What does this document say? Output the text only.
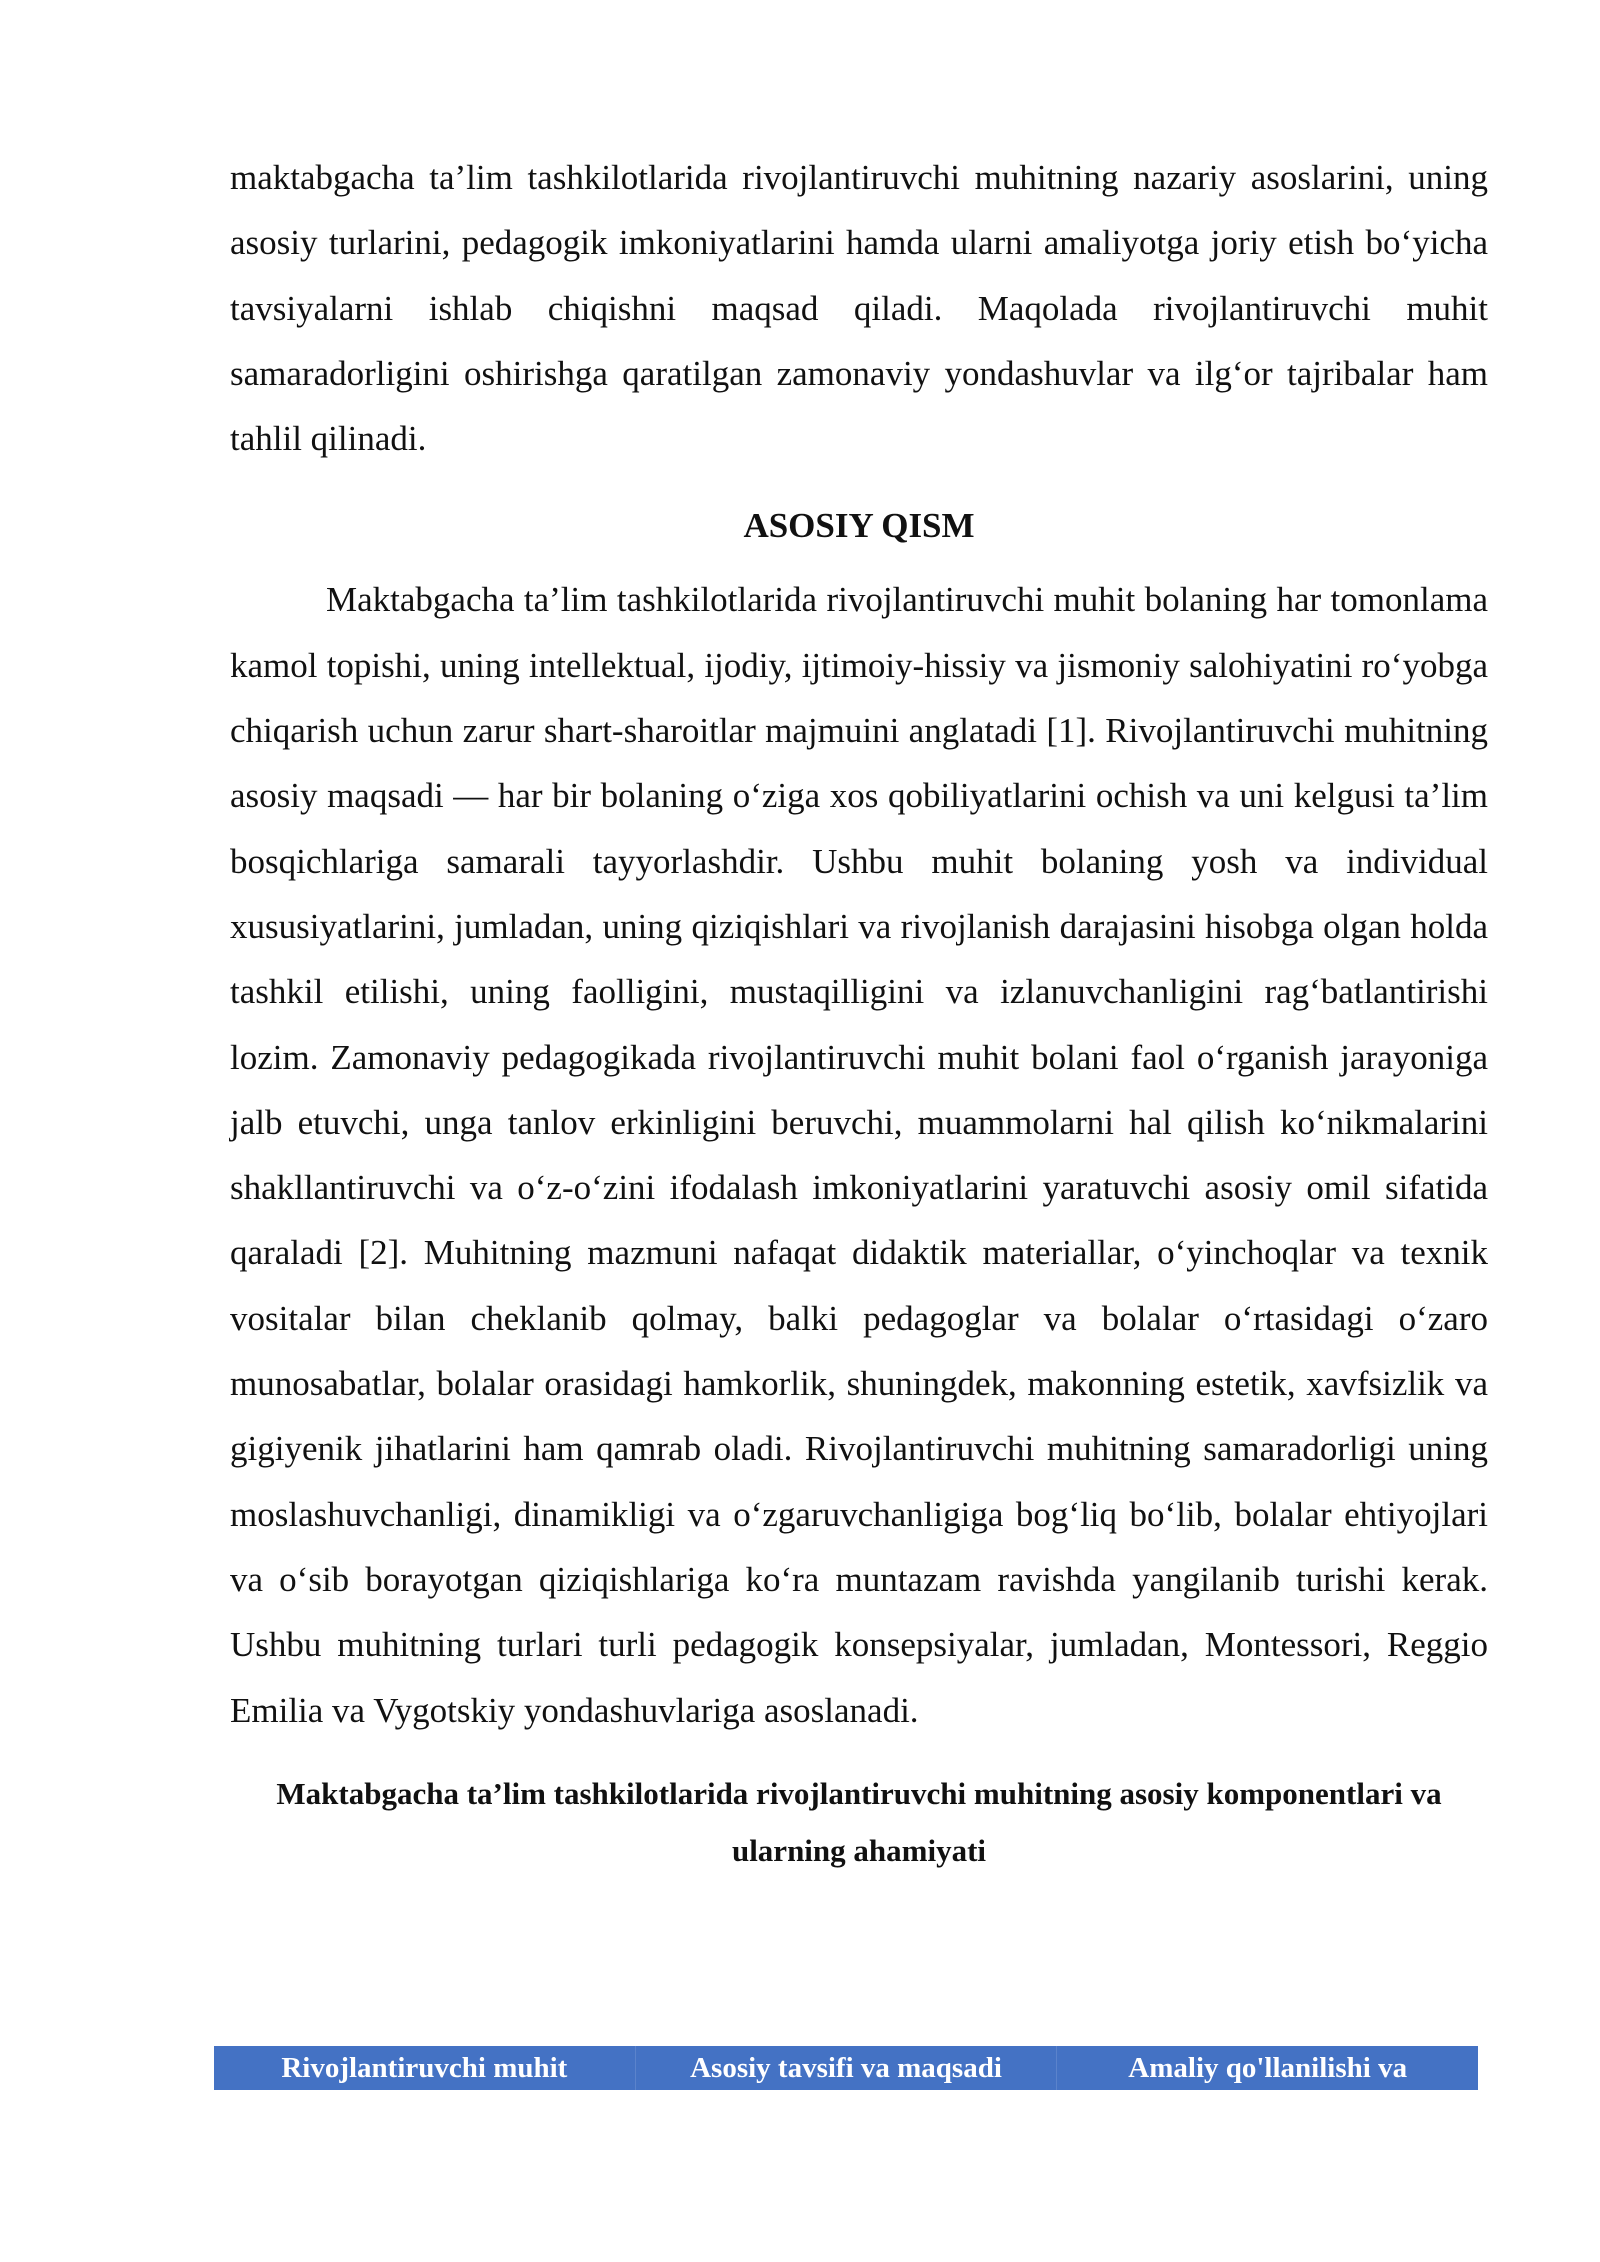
maktabgacha ta’lim tashkilotlarida rivojlantiruvchi muhitning nazariy asoslarini, uning asosiy turlarini, pedagogik imkoniyatlarini hamda ularni amaliyotga joriy etish bo‘yicha tavsiyalarni ishlab chiqishni maqsad qiladi. Maqolada rivojlantiruvchi muhit samaradorligini oshirishga qaratilgan zamonaviy yondashuvlar va ilg‘or tajribalar ham tahlil qilinadi.

ASOSIY QISM

Maktabgacha ta’lim tashkilotlarida rivojlantiruvchi muhit bolaning har tomonlama kamol topishi, uning intellektual, ijodiy, ijtimoiy-hissiy va jismoniy salohiyatini ro‘yobga chiqarish uchun zarur shart-sharoitlar majmuini anglatadi [1]. Rivojlantiruvchi muhitning asosiy maqsadi — har bir bolaning o‘ziga xos qobiliyatlarini ochish va uni kelgusi ta’lim bosqichlariga samarali tayyorlashdir. Ushbu muhit bolaning yosh va individual xususiyatlarini, jumladan, uning qiziqishlari va rivojlanish darajasini hisobga olgan holda tashkil etilishi, uning faolligini, mustaqilligini va izlanuvchanligini rag‘batlantirishi lozim. Zamonaviy pedagogikada rivojlantiruvchi muhit bolani faol o‘rganish jarayoniga jalb etuvchi, unga tanlov erkinligini beruvchi, muammolarni hal qilish ko‘nikmalarini shakllantiruvchi va o‘z-o‘zini ifodalash imkoniyatlarini yaratuvchi asosiy omil sifatida qaraladi [2]. Muhitning mazmuni nafaqat didaktik materiallar, o‘yinchoqlar va texnik vositalar bilan cheklanib qolmay, balki pedagoglar va bolalar o‘rtasidagi o‘zaro munosabatlar, bolalar orasidagi hamkorlik, shuningdek, makonning estetik, xavfsizlik va gigiyenik jihatlarini ham qamrab oladi. Rivojlantiruvchi muhitning samaradorligi uning moslashuvchanligi, dinamikligi va o‘zgaruvchanligiga bog‘liq bo‘lib, bolalar ehtiyojlari va o‘sib borayotgan qiziqishlariga ko‘ra muntazam ravishda yangilanib turishi kerak. Ushbu muhitning turlari turli pedagogik konsepsiyalar, jumladan, Montessori, Reggio Emilia va Vygotskiy yondashuvlariga asoslanadi.

Maktabgacha ta’lim tashkilotlarida rivojlantiruvchi muhitning asosiy komponentlari va ularning ahamiyati
Rivojlantiruvchi muhit	Asosiy tavsifi va maqsadi	Amaliy qo'llanilishi va
